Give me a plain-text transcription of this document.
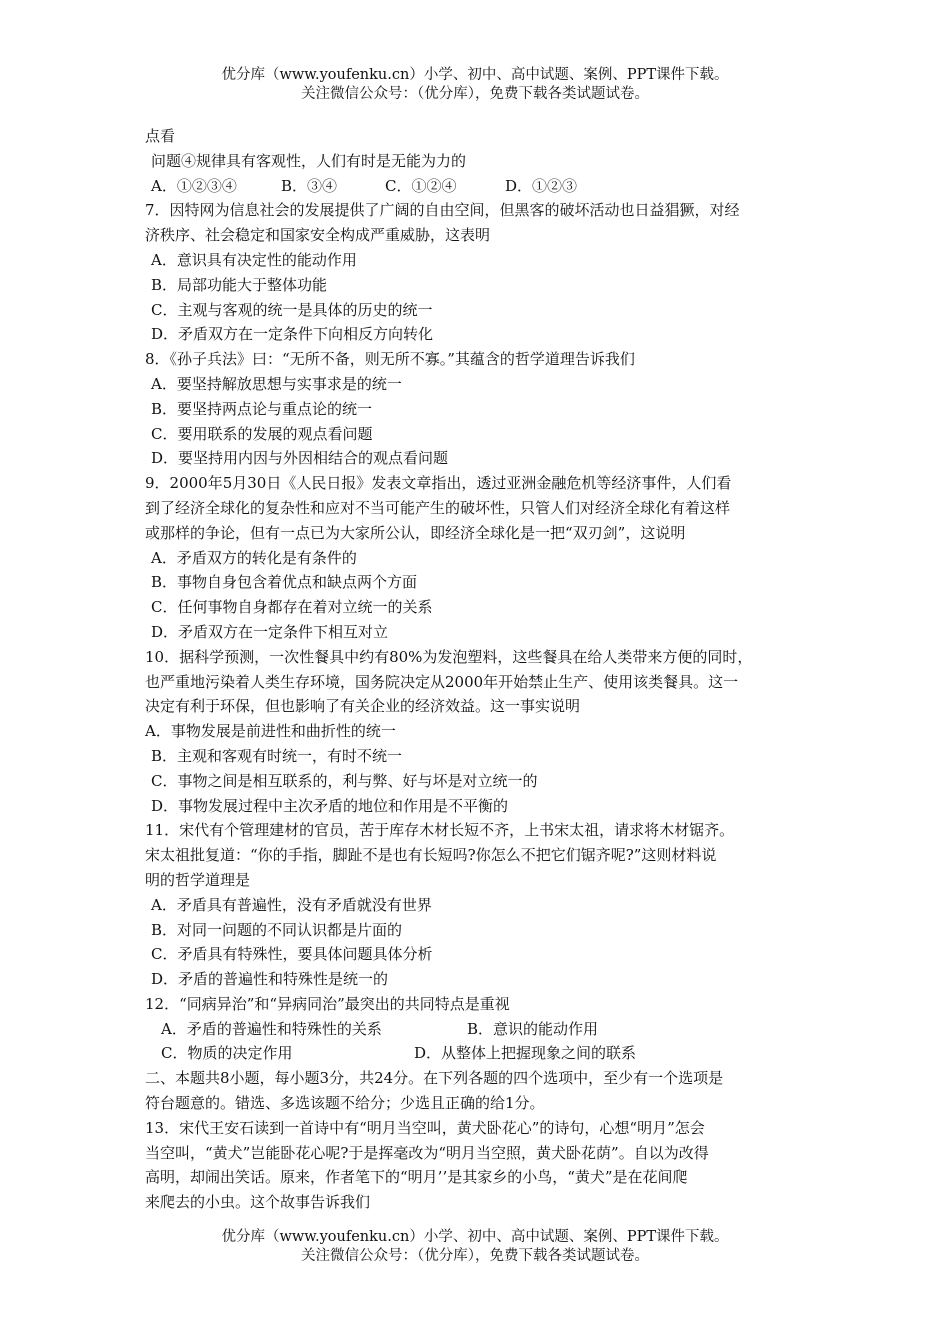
优分库（www.youfenku.cn）小学、初中、高中试题、案例、PPT课件下载。
关注微信公众号：（优分库），免费下载各类试题试卷。
点看
问题④规律具有客观性，人们有时是无能为力的
A．①②③④	B．③④	C．①②④	D．①②③
7．因特网为信息社会的发展提供了广阔的自由空间，但黑客的破坏活动也日益猖獗，对经
济秩序、社会稳定和国家安全构成严重威胁，这表明
A．意识具有决定性的能动作用
B．局部功能大于整体功能
C．主观与客观的统一是具体的历史的统一
D．矛盾双方在一定条件下向相反方向转化
8．《孙子兵法》曰：“无所不备，则无所不寡。”其蕴含的哲学道理告诉我们
A．要坚持解放思想与实事求是的统一
B．要坚持两点论与重点论的统一
C．要用联系的发展的观点看问题
D．要坚持用内因与外因相结合的观点看问题
9．2000年5月30日《人民日报》发表文章指出，透过亚洲金融危机等经济事件，人们看
到了经济全球化的复杂性和应对不当可能产生的破坏性，只管人们对经济全球化有着这样
或那样的争论，但有一点已为大家所公认，即经济全球化是一把“双刃剑”，这说明
A．矛盾双方的转化是有条件的
B．事物自身包含着优点和缺点两个方面
C．任何事物自身都存在着对立统一的关系
D．矛盾双方在一定条件下相互对立
10．据科学预测，一次性餐具中约有80%为发泡塑料，这些餐具在给人类带来方便的同时，
也严重地污染着人类生存环境，国务院决定从2000年开始禁止生产、使用该类餐具。这一
决定有利于环保，但也影响了有关企业的经济效益。这一事实说明
A．事物发展是前进性和曲折性的统一
B．主观和客观有时统一，有时不统一
C．事物之间是相互联系的，利与弊、好与坏是对立统一的
D．事物发展过程中主次矛盾的地位和作用是不平衡的
11．宋代有个管理建材的官员，苦于库存木材长短不齐，上书宋太祖，请求将木材锯齐。
宋太祖批复道：“你的手指，脚趾不是也有长短吗?你怎么不把它们锯齐呢?”这则材料说
明的哲学道理是
A．矛盾具有普遍性，没有矛盾就没有世界
B．对同一问题的不同认识都是片面的
C．矛盾具有特殊性，要具体问题具体分析
D．矛盾的普遍性和特殊性是统一的
12．“同病异治”和“异病同治”最突出的共同特点是重视
A．矛盾的普遍性和特殊性的关系	B．意识的能动作用
C．物质的决定作用	D．从整体上把握现象之间的联系
二、本题共8小题，每小题3分，共24分。在下列各题的四个选项中，至少有一个选项是
符台题意的。错选、多选该题不给分；少选且正确的给1分。
13．宋代王安石读到一首诗中有“明月当空叫，黄犬卧花心”的诗句，心想“明月”怎会
当空叫，“黄犬”岂能卧花心呢?于是挥毫改为“明月当空照，黄犬卧花荫”。自以为改得
高明，却闹出笑话。原来，作者笔下的“明月’’是其家乡的小鸟，“黄犬”是在花间爬
来爬去的小虫。这个故事告诉我们
优分库（www.youfenku.cn）小学、初中、高中试题、案例、PPT课件下载。
关注微信公众号：（优分库），免费下载各类试题试卷。
